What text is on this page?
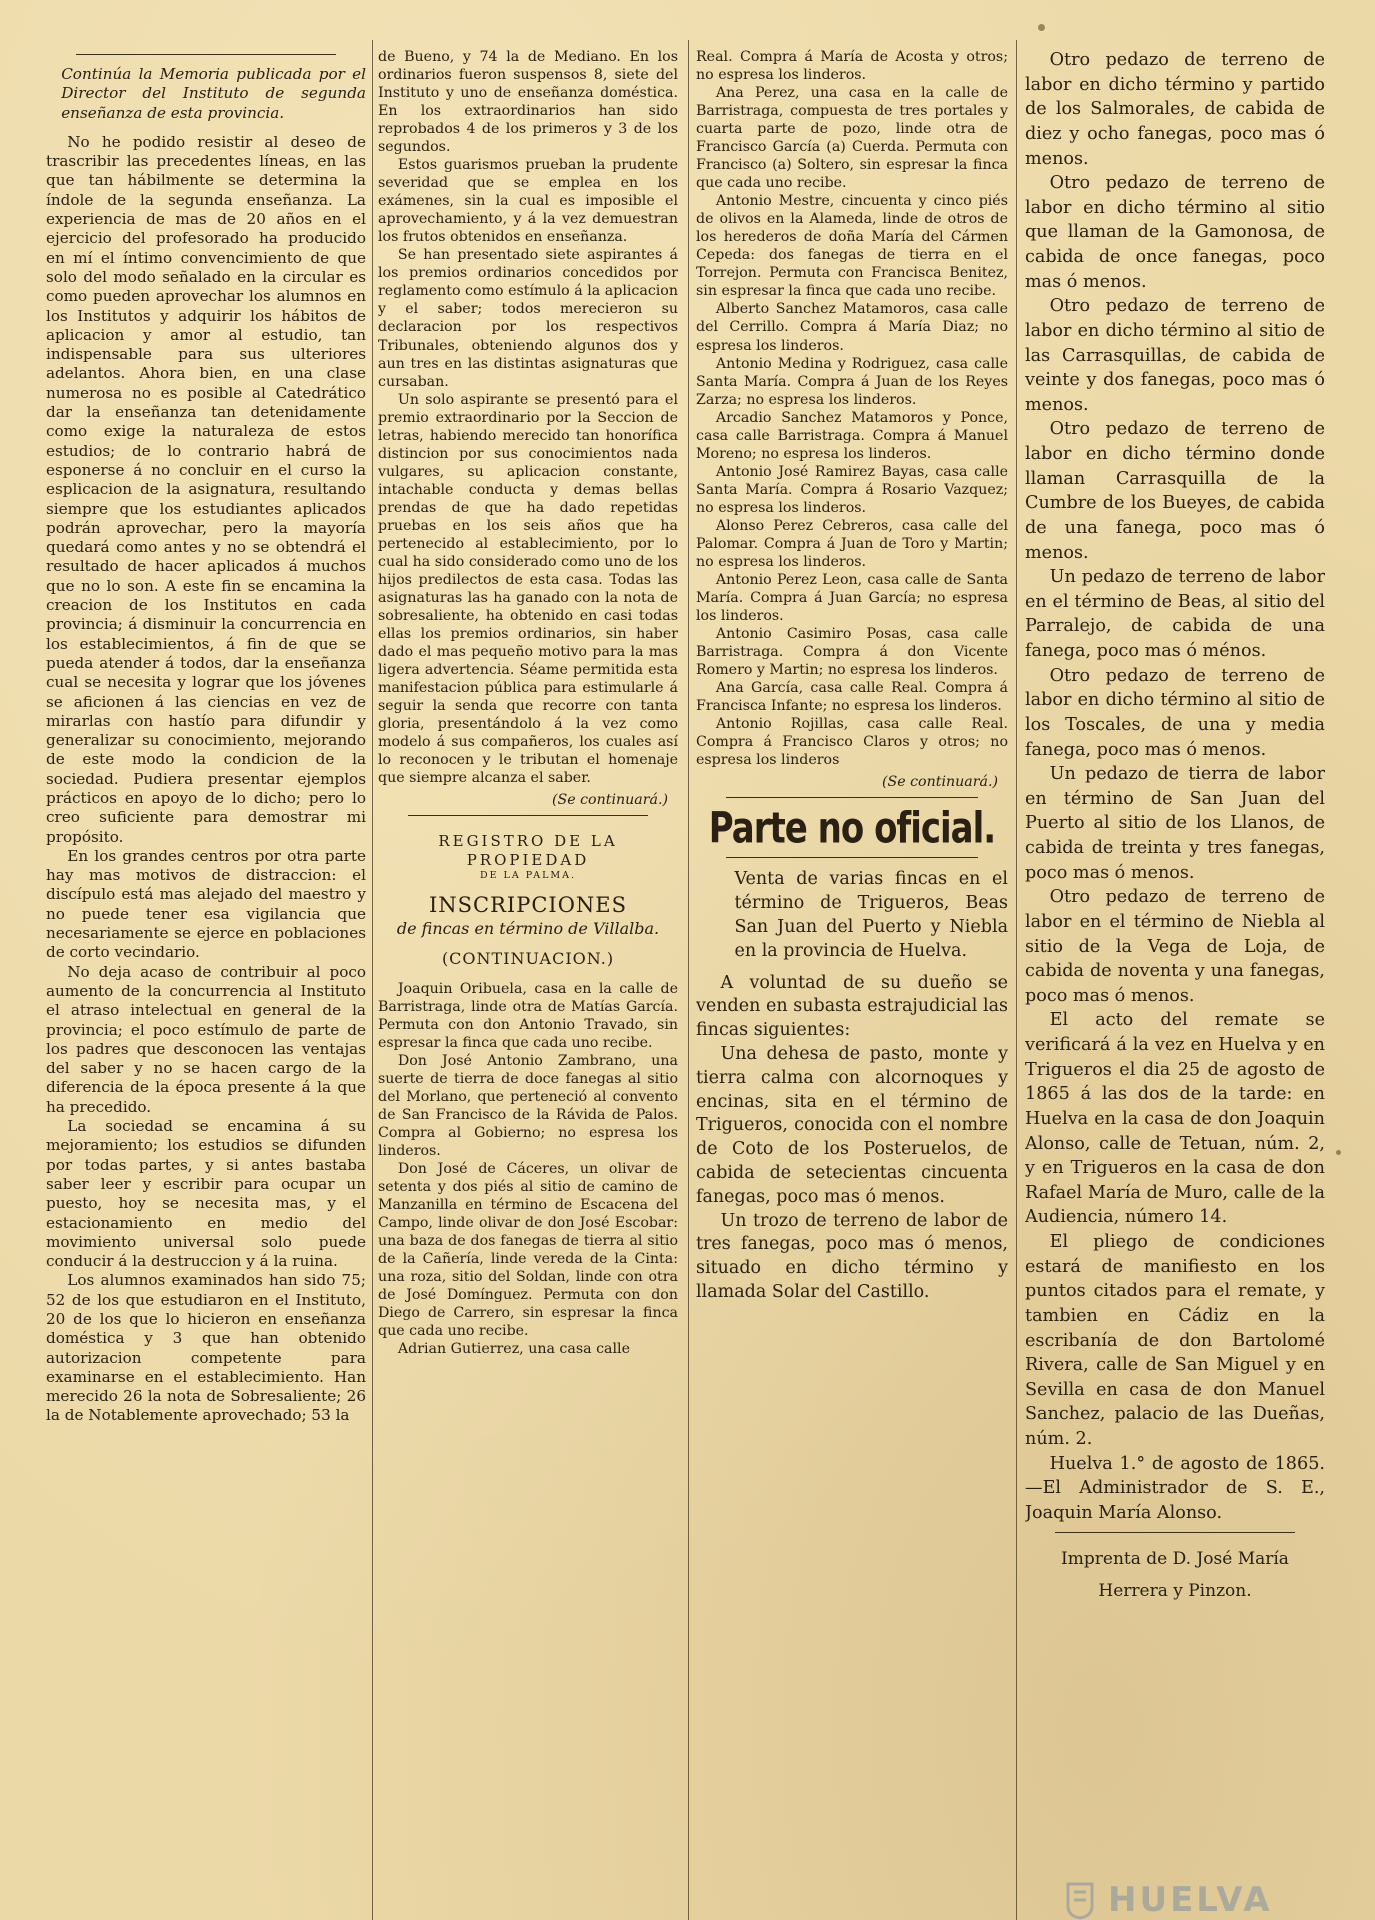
Continúa la Memoria publicada por el Director del Instituto de segunda enseñanza de esta provincia.

No he podido resistir al deseo de trascribir las precedentes líneas, en las que tan hábilmente se determina la índole de la segunda enseñanza. La experiencia de mas de 20 años en el ejercicio del profesorado ha producido en mí el íntimo convencimiento de que solo del modo señalado en la circular es como pueden aprovechar los alumnos en los Institutos y adquirir los hábitos de aplicacion y amor al estudio, tan indispensable para sus ulteriores adelantos. Ahora bien, en una clase numerosa no es posible al Catedrático dar la enseñanza tan detenidamente como exige la naturaleza de estos estudios; de lo contrario habrá de esponerse á no concluir en el curso la esplicacion de la asignatura, resultando siempre que los estudiantes aplicados podrán aprovechar, pero la mayoría quedará como antes y no se obtendrá el resultado de hacer aplicados á muchos que no lo son. A este fin se encamina la creacion de los Institutos en cada provincia; á disminuir la concurrencia en los establecimientos, á fin de que se pueda atender á todos, dar la enseñanza cual se necesita y lograr que los jóvenes se aficionen á las ciencias en vez de mirarlas con hastío para difundir y generalizar su conocimiento, mejorando de este modo la condicion de la sociedad. Pudiera presentar ejemplos prácticos en apoyo de lo dicho; pero lo creo suficiente para demostrar mi propósito.

En los grandes centros por otra parte hay mas motivos de distraccion: el discípulo está mas alejado del maestro y no puede tener esa vigilancia que necesariamente se ejerce en poblaciones de corto vecindario.

No deja acaso de contribuir al poco aumento de la concurrencia al Instituto el atraso intelectual en general de la provincia; el poco estímulo de parte de los padres que desconocen las ventajas del saber y no se hacen cargo de la diferencia de la época presente á la que ha precedido.

La sociedad se encamina á su mejoramiento; los estudios se difunden por todas partes, y si antes bastaba saber leer y escribir para ocupar un puesto, hoy se necesita mas, y el estacionamiento en medio del movimiento universal solo puede conducir á la destruccion y á la ruina.

Los alumnos examinados han sido 75; 52 de los que estudiaron en el Instituto, 20 de los que lo hicieron en enseñanza doméstica y 3 que han obtenido autorizacion competente para examinarse en el establecimiento. Han merecido 26 la nota de Sobresaliente; 26 la de Notablemente aprovechado; 53 la

de Bueno, y 74 la de Mediano. En los ordinarios fueron suspensos 8, siete del Instituto y uno de enseñanza doméstica. En los extraordinarios han sido reprobados 4 de los primeros y 3 de los segundos.

Estos guarismos prueban la prudente severidad que se emplea en los exámenes, sin la cual es imposible el aprovechamiento, y á la vez demuestran los frutos obtenidos en enseñanza.

Se han presentado siete aspirantes á los premios ordinarios concedidos por reglamento como estímulo á la aplicacion y el saber; todos merecieron su declaracion por los respectivos Tribunales, obteniendo algunos dos y aun tres en las distintas asignaturas que cursaban.

Un solo aspirante se presentó para el premio extraordinario por la Seccion de letras, habiendo merecido tan honorífica distincion por sus conocimientos nada vulgares, su aplicacion constante, intachable conducta y demas bellas prendas de que ha dado repetidas pruebas en los seis años que ha pertenecido al establecimiento, por lo cual ha sido considerado como uno de los hijos predilectos de esta casa. Todas las asignaturas las ha ganado con la nota de sobresaliente, ha obtenido en casi todas ellas los premios ordinarios, sin haber dado el mas pequeño motivo para la mas ligera advertencia. Séame permitida esta manifestacion pública para estimularle á seguir la senda que recorre con tanta gloria, presentándolo á la vez como modelo á sus compañeros, los cuales así lo reconocen y le tributan el homenaje que siempre alcanza el saber.

(Se continuará.)

REGISTRO DE LA PROPIEDAD

DE LA PALMA.

INSCRIPCIONES

de fincas en término de Villalba.

(CONTINUACION.)

Joaquin Oribuela, casa en la calle de Barristraga, linde otra de Matías García. Permuta con don Antonio Travado, sin espresar la finca que cada uno recibe.

Don José Antonio Zambrano, una suerte de tierra de doce fanegas al sitio del Morlano, que perteneció al convento de San Francisco de la Rávida de Palos. Compra al Gobierno; no espresa los linderos.

Don José de Cáceres, un olivar de setenta y dos piés al sitio de camino de Manzanilla en término de Escacena del Campo, linde olivar de don José Escobar: una baza de dos fanegas de tierra al sitio de la Cañería, linde vereda de la Cinta: una roza, sitio del Soldan, linde con otra de José Domínguez. Permuta con don Diego de Carrero, sin espresar la finca que cada uno recibe.

Adrian Gutierrez, una casa calle

Real. Compra á María de Acosta y otros; no espresa los linderos.

Ana Perez, una casa en la calle de Barristraga, compuesta de tres portales y cuarta parte de pozo, linde otra de Francisco García (a) Cuerda. Permuta con Francisco (a) Soltero, sin espresar la finca que cada uno recibe.

Antonio Mestre, cincuenta y cinco piés de olivos en la Alameda, linde de otros de los herederos de doña María del Cármen Cepeda: dos fanegas de tierra en el Torrejon. Permuta con Francisca Benitez, sin espresar la finca que cada uno recibe.

Alberto Sanchez Matamoros, casa calle del Cerrillo. Compra á María Diaz; no espresa los linderos.

Antonio Medina y Rodriguez, casa calle Santa María. Compra á Juan de los Reyes Zarza; no espresa los linderos.

Arcadio Sanchez Matamoros y Ponce, casa calle Barristraga. Compra á Manuel Moreno; no espresa los linderos.

Antonio José Ramirez Bayas, casa calle Santa María. Compra á Rosario Vazquez; no espresa los linderos.

Alonso Perez Cebreros, casa calle del Palomar. Compra á Juan de Toro y Martin; no espresa los linderos.

Antonio Perez Leon, casa calle de Santa María. Compra á Juan García; no espresa los linderos.

Antonio Casimiro Posas, casa calle Barristraga. Compra á don Vicente Romero y Martin; no espresa los linderos.

Ana García, casa calle Real. Compra á Francisca Infante; no espresa los linderos.

Antonio Rojillas, casa calle Real. Compra á Francisco Claros y otros; no espresa los linderos

(Se continuará.)

Parte no oficial.

Venta de varias fincas en el término de Trigueros, Beas San Juan del Puerto y Niebla en la provincia de Huelva.

A voluntad de su dueño se venden en subasta estrajudicial las fincas siguientes:

Una dehesa de pasto, monte y tierra calma con alcornoques y encinas, sita en el término de Trigueros, conocida con el nombre de Coto de los Posteruelos, de cabida de setecientas cincuenta fanegas, poco mas ó menos.

Un trozo de terreno de labor de tres fanegas, poco mas ó menos, situado en dicho término y llamada Solar del Castillo.

Otro pedazo de terreno de labor en dicho término y partido de los Salmorales, de cabida de diez y ocho fanegas, poco mas ó menos.

Otro pedazo de terreno de labor en dicho término al sitio que llaman de la Gamonosa, de cabida de once fanegas, poco mas ó menos.

Otro pedazo de terreno de labor en dicho término al sitio de las Carrasquillas, de cabida de veinte y dos fanegas, poco mas ó menos.

Otro pedazo de terreno de labor en dicho término donde llaman Carrasquilla de la Cumbre de los Bueyes, de cabida de una fanega, poco mas ó menos.

Un pedazo de terreno de labor en el término de Beas, al sitio del Parralejo, de cabida de una fanega, poco mas ó ménos.

Otro pedazo de terreno de labor en dicho término al sitio de los Toscales, de una y media fanega, poco mas ó menos.

Un pedazo de tierra de labor en término de San Juan del Puerto al sitio de los Llanos, de cabida de treinta y tres fanegas, poco mas ó menos.

Otro pedazo de terreno de labor en el término de Niebla al sitio de la Vega de Loja, de cabida de noventa y una fanegas, poco mas ó menos.

El acto del remate se verificará á la vez en Huelva y en Trigueros el dia 25 de agosto de 1865 á las dos de la tarde: en Huelva en la casa de don Joaquin Alonso, calle de Tetuan, núm. 2, y en Trigueros en la casa de don Rafael María de Muro, calle de la Audiencia, número 14.

El pliego de condiciones estará de manifiesto en los puntos citados para el remate, y tambien en Cádiz en la escribanía de don Bartolomé Rivera, calle de San Miguel y en Sevilla en casa de don Manuel Sanchez, palacio de las Dueñas, núm. 2.

Huelva 1.° de agosto de 1865.—El Administrador de S. E., Joaquin María Alonso.

Imprenta de D. José María Herrera y Pinzon.

HUELVA
